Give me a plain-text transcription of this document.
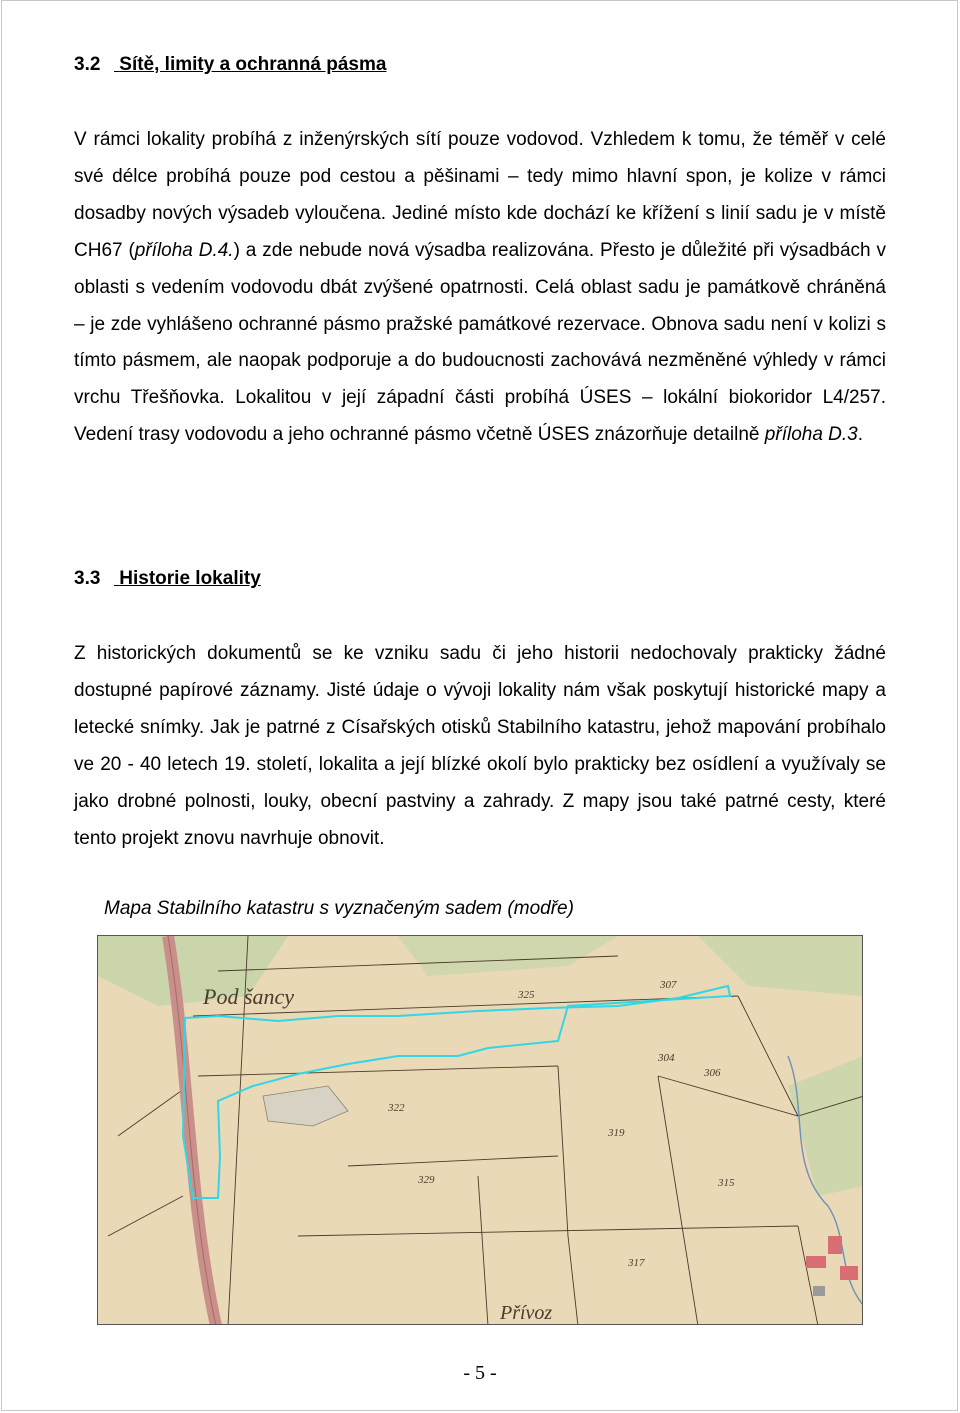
3.2 Sítě, limity a ochranná pásma

V rámci lokality probíhá z inženýrských sítí pouze vodovod. Vzhledem k tomu, že téměř v celé své délce probíhá pouze pod cestou a pěšinami – tedy mimo hlavní spon, je kolize v rámci dosadby nových výsadeb vyloučena. Jediné místo kde dochází ke křížení s linií sadu je v místě CH67 (příloha D.4.) a zde nebude nová výsadba realizována. Přesto je důležité při výsadbách v oblasti s vedením vodovodu dbát zvýšené opatrnosti. Celá oblast sadu je památkově chráněná – je zde vyhlášeno ochranné pásmo pražské památkové rezervace. Obnova sadu není v kolizi s tímto pásmem, ale naopak podporuje a do budoucnosti zachovává nezměněné výhledy v rámci vrchu Třešňovka. Lokalitou v její západní části probíhá ÚSES – lokální biokoridor L4/257. Vedení trasy vodovodu a jeho ochranné pásmo včetně ÚSES znázorňuje detailně příloha D.3.

3.3 Historie lokality

Z historických dokumentů se ke vzniku sadu či jeho historii nedochovaly prakticky žádné dostupné papírové záznamy. Jisté údaje o vývoji lokality nám však poskytují historické mapy a letecké snímky. Jak je patrné z Císařských otisků Stabilního katastru, jehož mapování probíhalo ve 20 - 40 letech 19. století, lokalita a její blízké okolí bylo prakticky bez osídlení a využívaly se jako drobné polnosti, louky, obecní pastviny a zahrady. Z mapy jsou také patrné cesty, které tento projekt znovu navrhuje obnovit.

Mapa Stabilního katastru s vyznačeným sadem (modře)

Pod šancy
Přívoz
325
304
306
307
322
329
319
315
317

- 5 -
